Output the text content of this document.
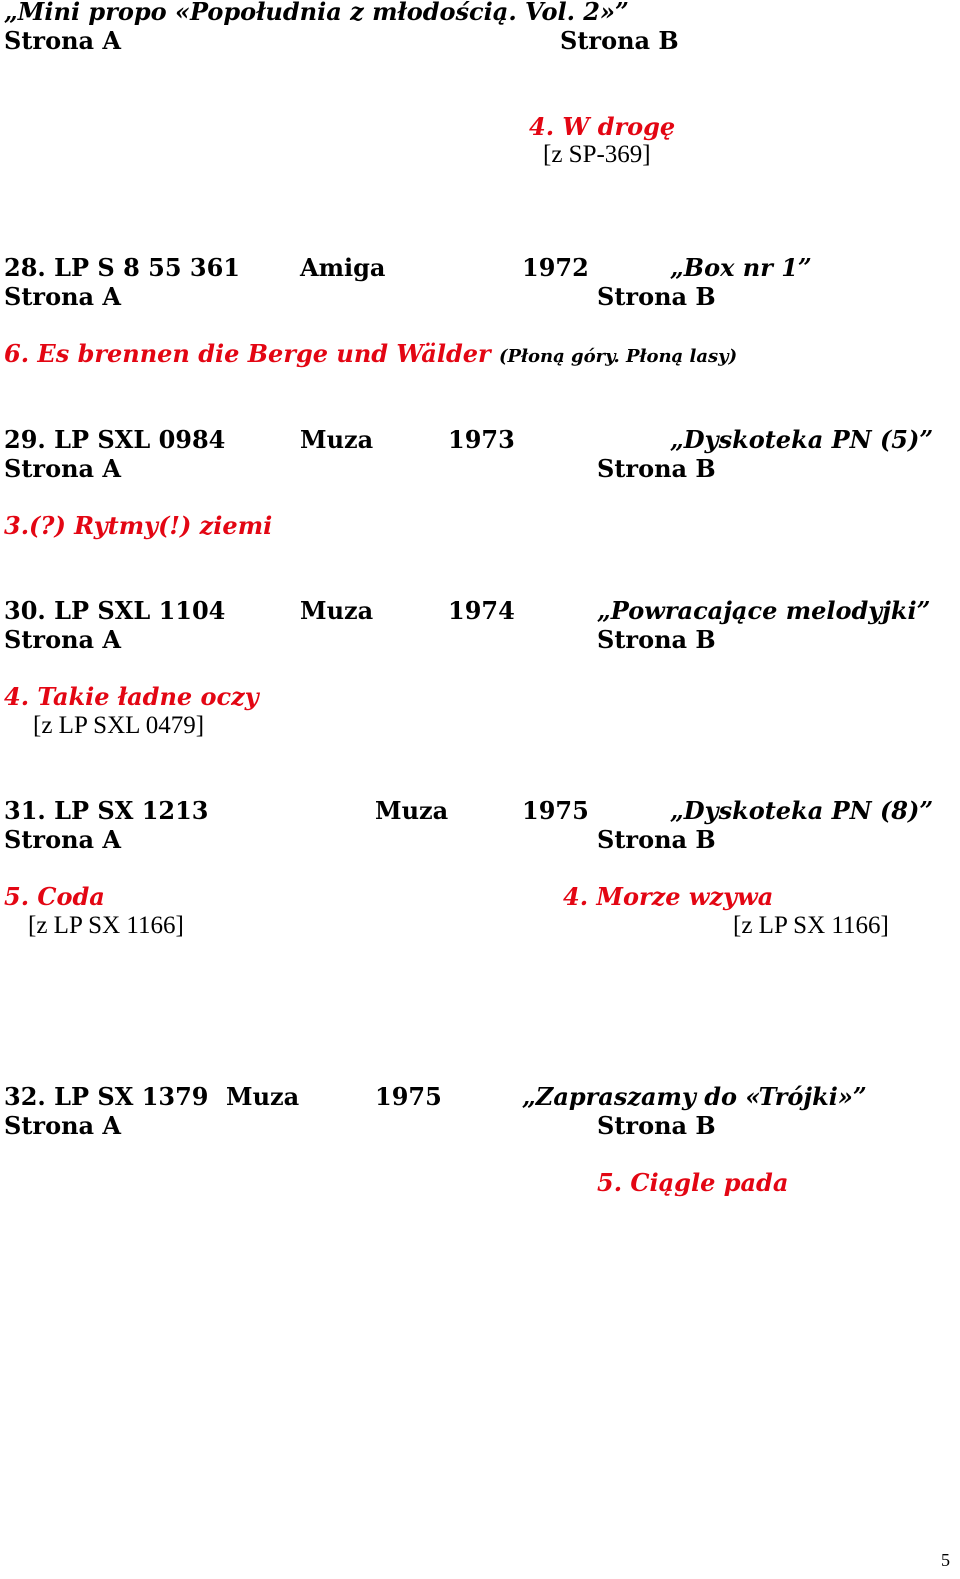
„Mini propo «Popołudnia z młodością. Vol. 2»”
Strona A	Strona B
4. W drogę
[z SP-369]
28. LP S 8 55 361	Amiga	1972	„Box nr 1”
Strona A	Strona B
6. Es brennen die Berge und Wälder (Płoną góry. Płoną lasy)
29. LP SXL 0984	Muza	1973	„Dyskoteka PN (5)”
Strona A	Strona B
3.(?) Rytmy(!) ziemi
30. LP SXL 1104	Muza	1974	„Powracające melodyjki”
Strona A	Strona B
4. Takie ładne oczy
[z LP SXL 0479]
31. LP SX 1213	Muza	1975	„Dyskoteka PN (8)”
Strona A	Strona B
5. Coda
[z LP SX 1166]
4. Morze wzywa
[z LP SX 1166]
32. LP SX 1379 Muza	1975	„Zapraszamy do «Trójki»”
Strona A	Strona B
5. Ciągle pada
5
